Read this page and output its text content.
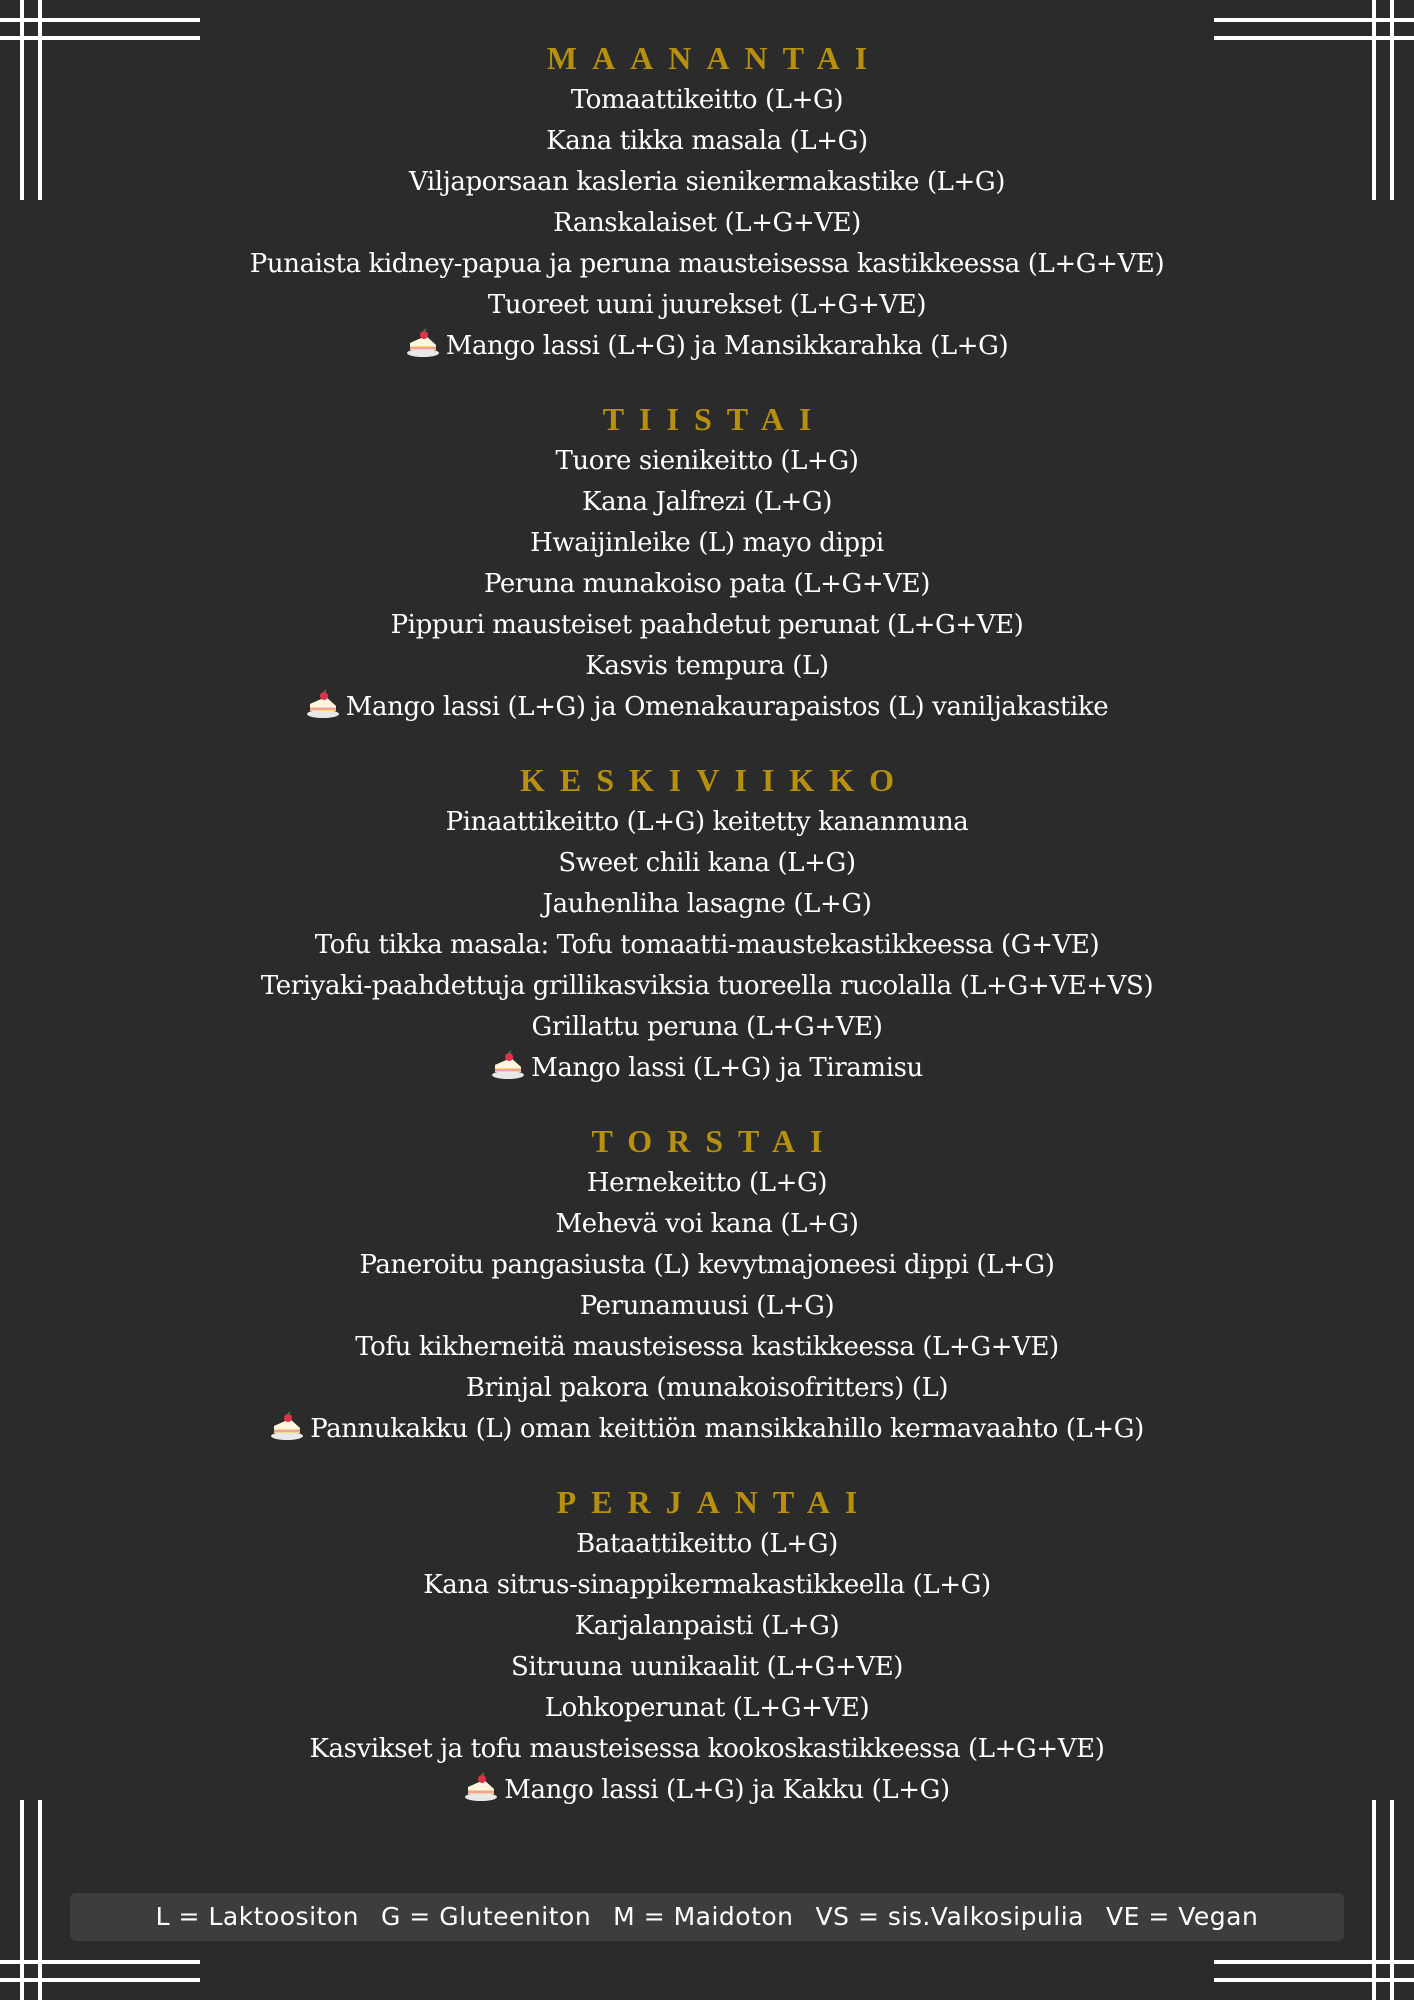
MAANANTAI
Tomaattikeitto (L+G)
Kana tikka masala (L+G)
Viljaporsaan kasleria sienikermakastike (L+G)
Ranskalaiset (L+G+VE)
Punaista kidney-papua ja peruna mausteisessa kastikkeessa (L+G+VE)
Tuoreet uuni juurekset (L+G+VE)
Mango lassi (L+G) ja Mansikkarahka (L+G)
TIISTAI
Tuore sienikeitto (L+G)
Kana Jalfrezi (L+G)
Hwaijinleike (L) mayo dippi
Peruna munakoiso pata (L+G+VE)
Pippuri mausteiset paahdetut perunat (L+G+VE)
Kasvis tempura (L)
Mango lassi (L+G) ja Omenakaurapaistos (L) vaniljakastike
KESKIVIIKKO
Pinaattikeitto (L+G) keitetty kananmuna
Sweet chili kana (L+G)
Jauhenliha lasagne (L+G)
Tofu tikka masala: Tofu tomaatti-maustekastikkeessa (G+VE)
Teriyaki-paahdettuja grillikasviksia tuoreella rucolalla (L+G+VE+VS)
Grillattu peruna (L+G+VE)
Mango lassi (L+G) ja Tiramisu
TORSTAI
Hernekeitto (L+G)
Mehevä voi kana (L+G)
Paneroitu pangasiusta (L) kevytmajoneesi dippi (L+G)
Perunamuusi (L+G)
Tofu kikherneitä mausteisessa kastikkeessa (L+G+VE)
Brinjal pakora (munakoisofritters) (L)
Pannukakku (L) oman keittiön mansikkahillo kermavaahto (L+G)
PERJANTAI
Bataattikeitto (L+G)
Kana sitrus-sinappikermakastikkeella (L+G)
Karjalanpaisti (L+G)
Sitruuna uunikaalit (L+G+VE)
Lohkoperunat (L+G+VE)
Kasvikset ja tofu mausteisessa kookoskastikkeessa (L+G+VE)
Mango lassi (L+G) ja Kakku (L+G)
L = Laktoositon G = Gluteeniton M = Maidoton VS = sis.Valkosipulia VE = Vegan
